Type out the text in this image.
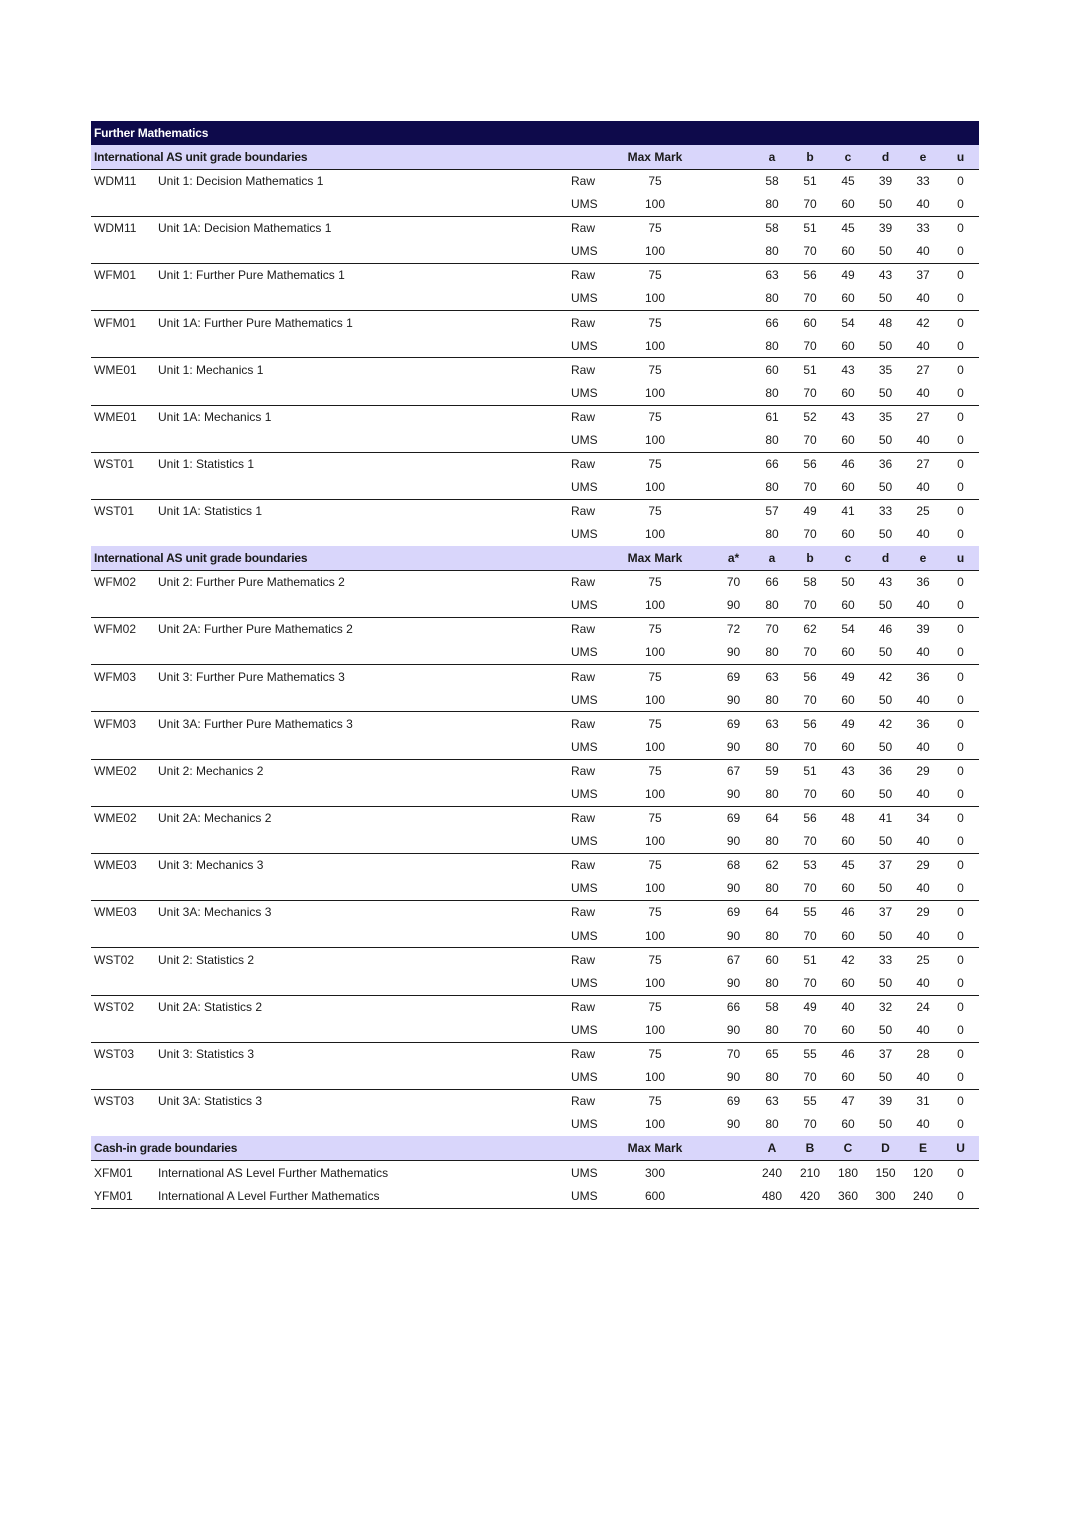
Further Mathematics											
International AS unit grade boundaries			Max Mark			a	b	c	d	e	u
WDM11	Unit 1: Decision Mathematics 1	Raw	75			58	51	45	39	33	0
		UMS	100			80	70	60	50	40	0
WDM11	Unit 1A: Decision Mathematics 1	Raw	75			58	51	45	39	33	0
		UMS	100			80	70	60	50	40	0
WFM01	Unit 1: Further Pure Mathematics 1	Raw	75			63	56	49	43	37	0
		UMS	100			80	70	60	50	40	0
WFM01	Unit 1A: Further Pure Mathematics 1	Raw	75			66	60	54	48	42	0
		UMS	100			80	70	60	50	40	0
WME01	Unit 1: Mechanics 1	Raw	75			60	51	43	35	27	0
		UMS	100			80	70	60	50	40	0
WME01	Unit 1A: Mechanics 1	Raw	75			61	52	43	35	27	0
		UMS	100			80	70	60	50	40	0
WST01	Unit 1: Statistics 1	Raw	75			66	56	46	36	27	0
		UMS	100			80	70	60	50	40	0
WST01	Unit 1A: Statistics 1	Raw	75			57	49	41	33	25	0
		UMS	100			80	70	60	50	40	0
International AS unit grade boundaries			Max Mark		a*	a	b	c	d	e	u
WFM02	Unit 2: Further Pure Mathematics 2	Raw	75		70	66	58	50	43	36	0
		UMS	100		90	80	70	60	50	40	0
WFM02	Unit 2A: Further Pure Mathematics 2	Raw	75		72	70	62	54	46	39	0
		UMS	100		90	80	70	60	50	40	0
WFM03	Unit 3: Further Pure Mathematics 3	Raw	75		69	63	56	49	42	36	0
		UMS	100		90	80	70	60	50	40	0
WFM03	Unit 3A: Further Pure Mathematics 3	Raw	75		69	63	56	49	42	36	0
		UMS	100		90	80	70	60	50	40	0
WME02	Unit 2: Mechanics 2	Raw	75		67	59	51	43	36	29	0
		UMS	100		90	80	70	60	50	40	0
WME02	Unit 2A: Mechanics 2	Raw	75		69	64	56	48	41	34	0
		UMS	100		90	80	70	60	50	40	0
WME03	Unit 3: Mechanics 3	Raw	75		68	62	53	45	37	29	0
		UMS	100		90	80	70	60	50	40	0
WME03	Unit 3A: Mechanics 3	Raw	75		69	64	55	46	37	29	0
		UMS	100		90	80	70	60	50	40	0
WST02	Unit 2: Statistics 2	Raw	75		67	60	51	42	33	25	0
		UMS	100		90	80	70	60	50	40	0
WST02	Unit 2A: Statistics 2	Raw	75		66	58	49	40	32	24	0
		UMS	100		90	80	70	60	50	40	0
WST03	Unit 3: Statistics 3	Raw	75		70	65	55	46	37	28	0
		UMS	100		90	80	70	60	50	40	0
WST03	Unit 3A: Statistics 3	Raw	75		69	63	55	47	39	31	0
		UMS	100		90	80	70	60	50	40	0
Cash-in grade boundaries			Max Mark			A	B	C	D	E	U
XFM01	International AS Level Further Mathematics	UMS	300			240	210	180	150	120	0
YFM01	International A Level Further Mathematics	UMS	600			480	420	360	300	240	0
